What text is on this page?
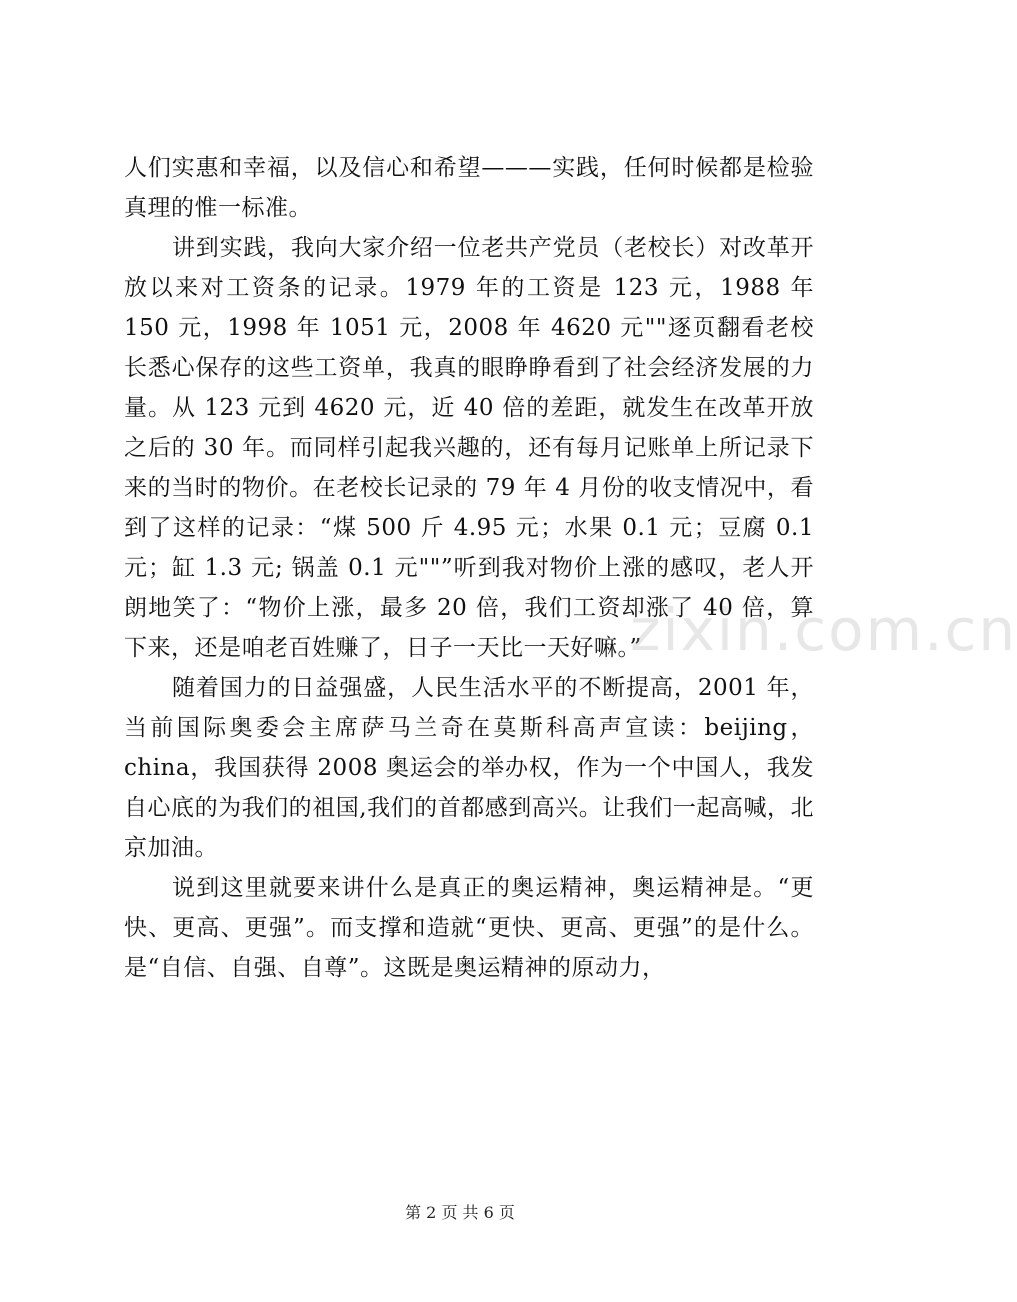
人们实惠和幸福，以及信心和希望———实践，任何时候都是检验真理的惟一标准。

讲到实践，我向大家介绍一位老共产党员（老校长）对改革开放以来对工资条的记录。1979 年的工资是 123 元，1988 年 150 元，1998 年 1051 元，2008 年 4620 元""逐页翻看老校长悉心保存的这些工资单，我真的眼睁睁看到了社会经济发展的力量。从 123 元到 4620 元，近 40 倍的差距，就发生在改革开放之后的 30 年。而同样引起我兴趣的，还有每月记账单上所记录下来的当时的物价。在老校长记录的 79 年 4 月份的收支情况中，看到了这样的记录：“煤 500 斤 4.95 元；水果 0.1 元；豆腐 0.1 元；缸 1.3 元; 锅盖 0.1 元""”听到我对物价上涨的感叹，老人开朗地笑了：“物价上涨，最多 20 倍，我们工资却涨了 40 倍，算下来，还是咱老百姓赚了，日子一天比一天好嘛。”

随着国力的日益强盛，人民生活水平的不断提高，2001 年，当前国际奥委会主席萨马兰奇在莫斯科高声宣读：beijing，china，我国获得 2008 奥运会的举办权，作为一个中国人，我发自心底的为我们的祖国,我们的首都感到高兴。让我们一起高喊，北京加油。

说到这里就要来讲什么是真正的奥运精神，奥运精神是。“更快、更高、更强”。而支撑和造就“更快、更高、更强”的是什么。是“自信、自强、自尊”。这既是奥运精神的原动力，

zixin.com.cn
第 2 页 共 6 页
